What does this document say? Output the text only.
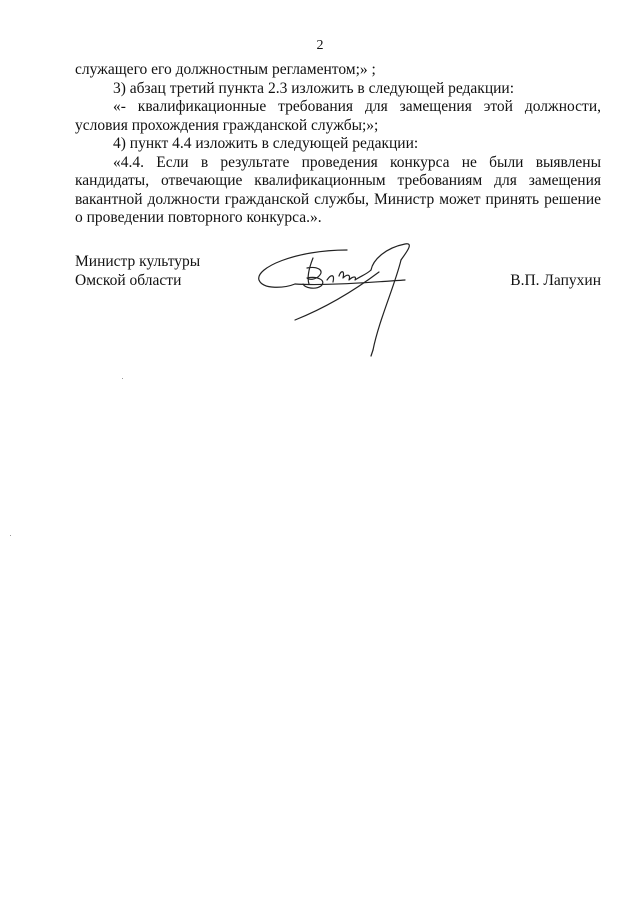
2

служащего его должностным регламентом;» ;

3) абзац третий пункта 2.3 изложить в следующей редакции:

«- квалификационные требования для замещения этой должности, условия прохождения гражданской службы;»;

4) пункт 4.4 изложить в следующей редакции:

«4.4. Если в результате проведения конкурса не были выявлены кандидаты, отвечающие квалификационным требованиям для замещения вакантной должности гражданской службы, Министр может принять решение о проведении повторного конкурса.».

Министр культуры
Омской области	В.П. Лапухин
